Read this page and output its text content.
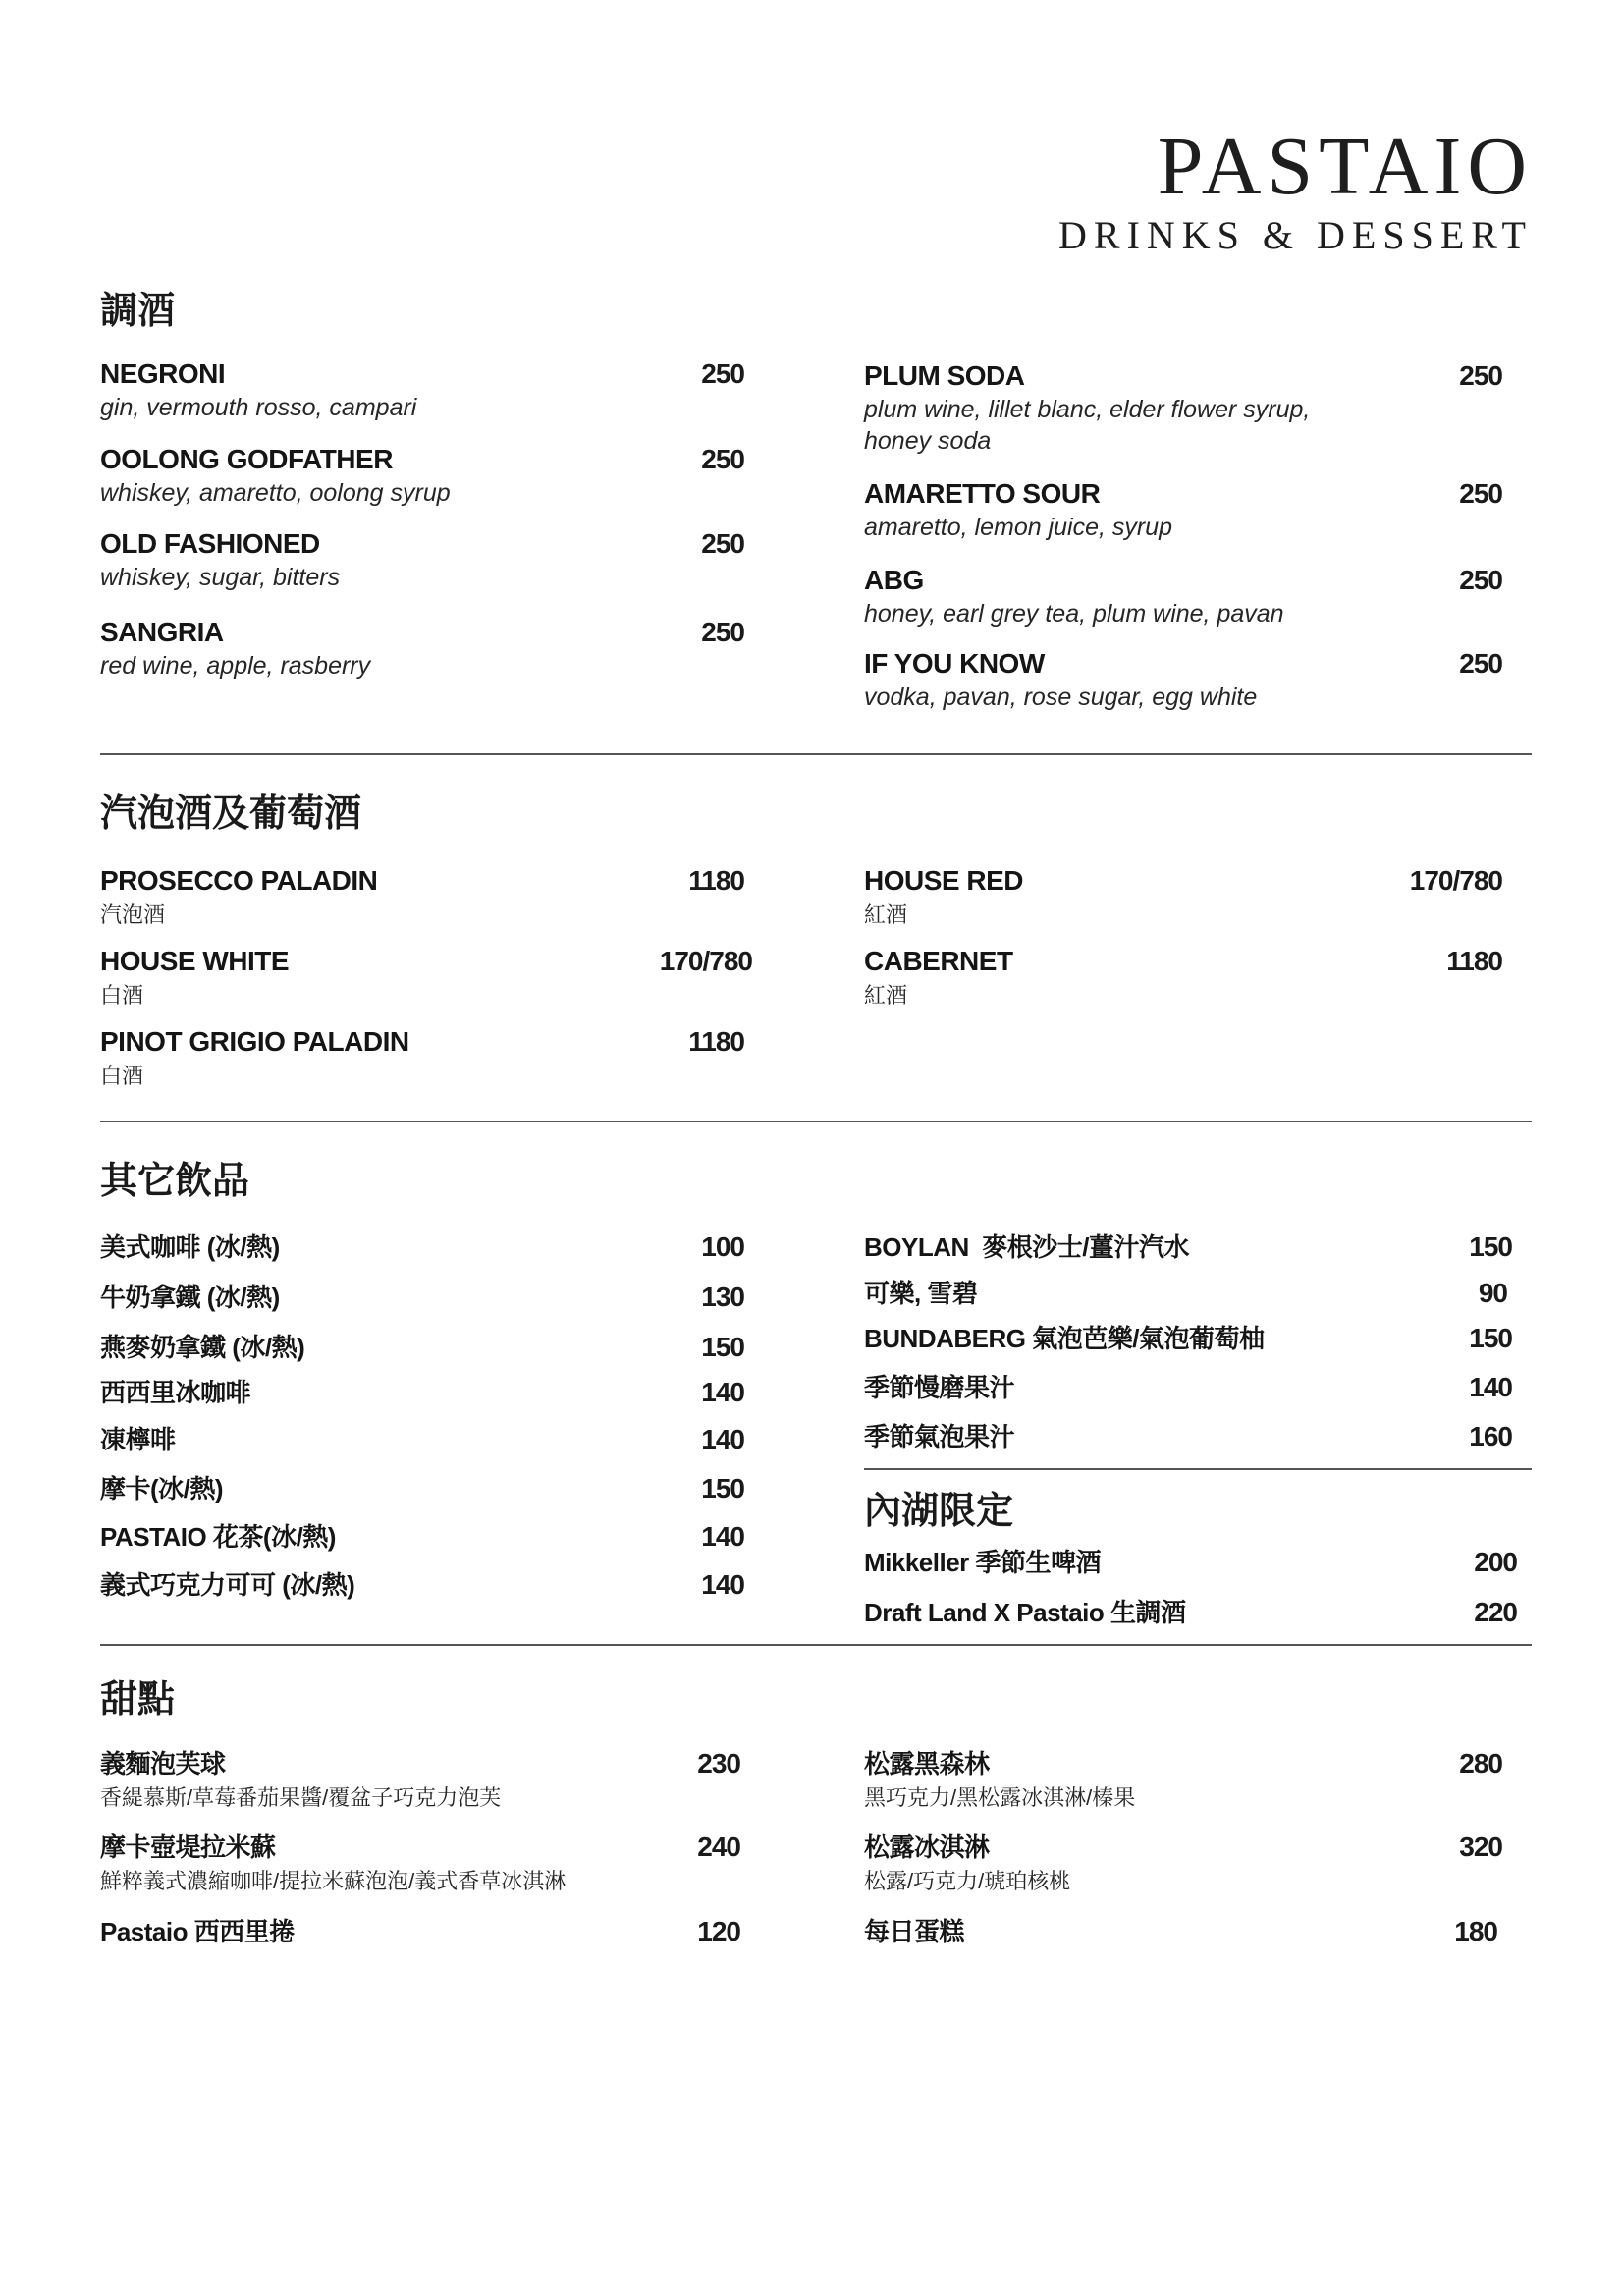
PASTAIO
DRINKS & DESSERT
調酒
NEGRONI	250
gin, vermouth rosso, campari
OOLONG GODFATHER	250
whiskey, amaretto, oolong syrup
OLD FASHIONED	250
whiskey, sugar, bitters
SANGRIA	250
red wine, apple, rasberry
PLUM SODA	250
plum wine, lillet blanc, elder flower syrup,
honey soda
AMARETTO SOUR	250
amaretto, lemon juice, syrup
ABG	250
honey, earl grey tea, plum wine, pavan
IF YOU KNOW	250
vodka, pavan, rose sugar, egg white
汽泡酒及葡萄酒
PROSECCO PALADIN	1180
汽泡酒
HOUSE WHITE	170/780
白酒
PINOT GRIGIO PALADIN	1180
白酒
HOUSE RED	170/780
紅酒
CABERNET	1180
紅酒
其它飲品
美式咖啡 (冰/熱)	100
牛奶拿鐵 (冰/熱)	130
燕麥奶拿鐵 (冰/熱)	150
西西里冰咖啡	140
凍檸啡	140
摩卡(冰/熱)	150
PASTAIO 花茶(冰/熱)	140
義式巧克力可可 (冰/熱)	140
BOYLAN  麥根沙士/薑汁汽水	150
可樂, 雪碧	90
BUNDABERG 氣泡芭樂/氣泡葡萄柚	150
季節慢磨果汁	140
季節氣泡果汁	160
內湖限定
Mikkeller 季節生啤酒	200
Draft Land X Pastaio 生調酒	220
甜點
義麵泡芙球	230
香緹慕斯/草莓番茄果醬/覆盆子巧克力泡芙
摩卡壺堤拉米蘇	240
鮮粹義式濃縮咖啡/提拉米蘇泡泡/義式香草冰淇淋
Pastaio 西西里捲	120
松露黑森林	280
黑巧克力/黑松露冰淇淋/榛果
松露冰淇淋	320
松露/巧克力/琥珀核桃
每日蛋糕	180
